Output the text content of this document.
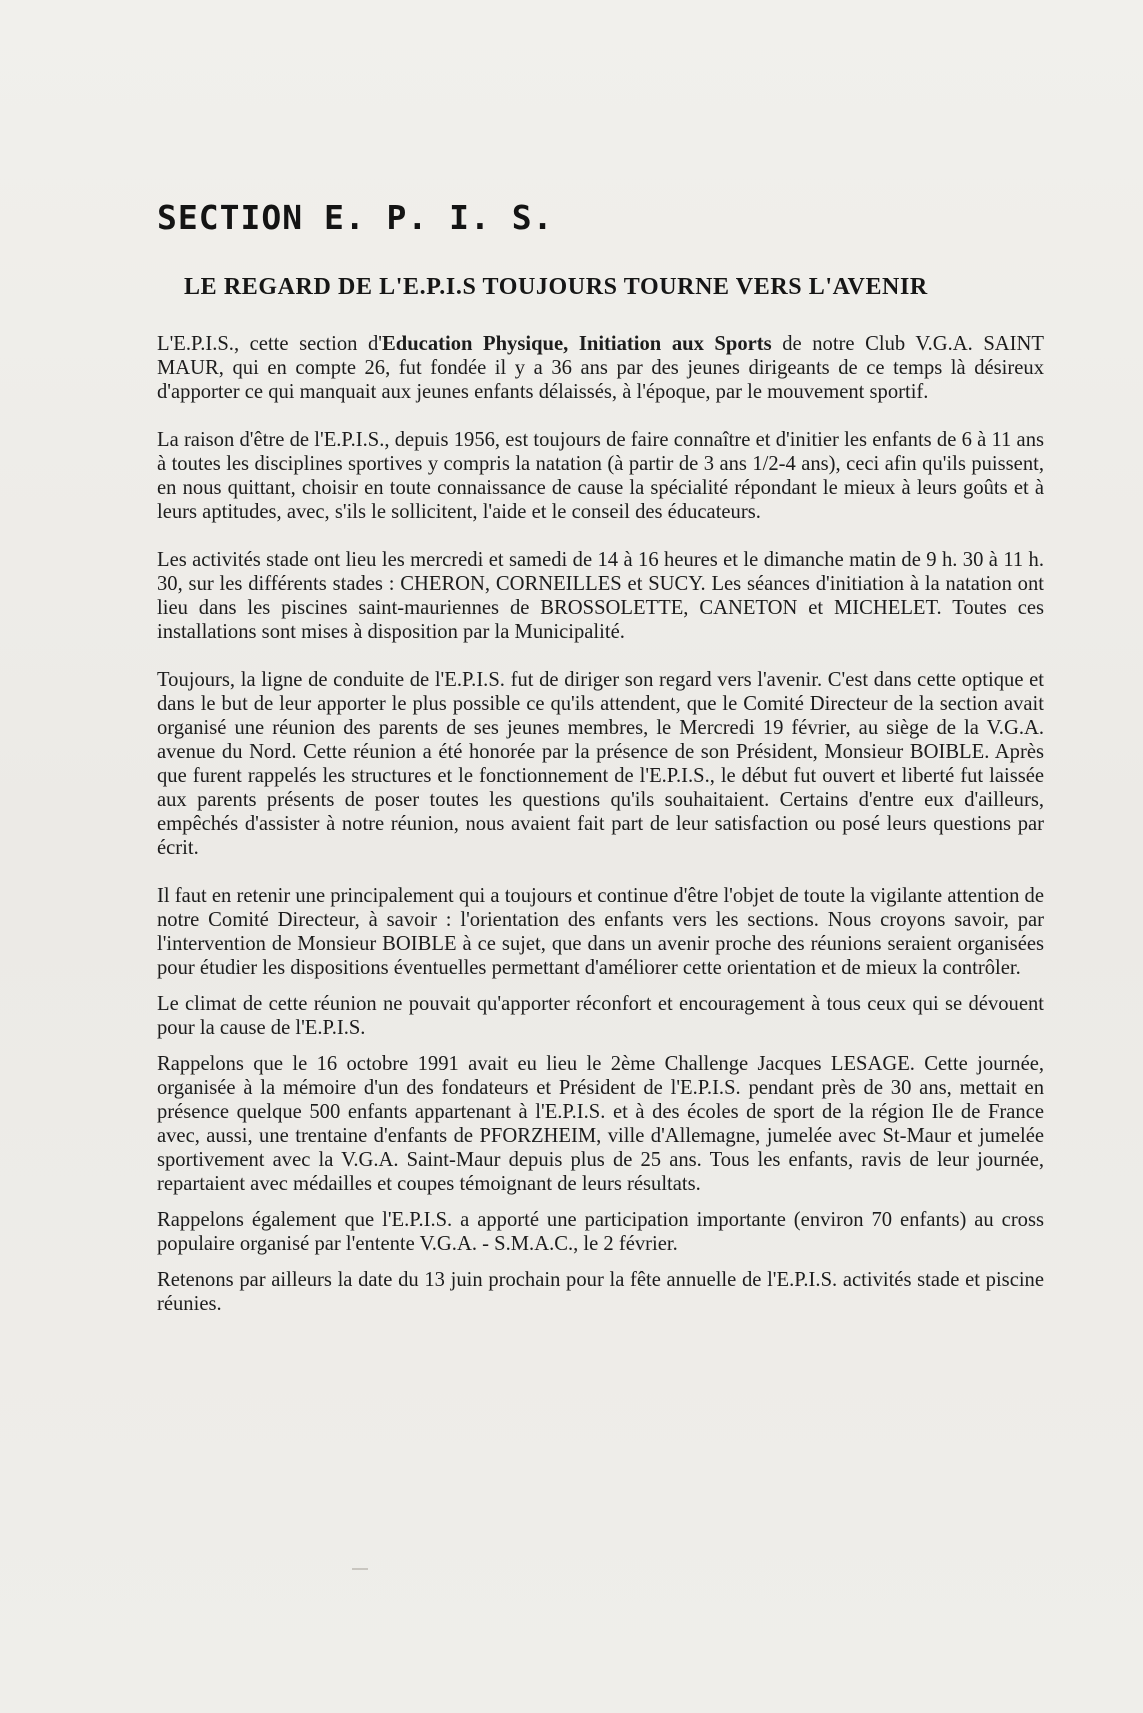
SECTION E. P. I. S.
LE REGARD DE L'E.P.I.S TOUJOURS TOURNE VERS L'AVENIR

L'E.P.I.S., cette section d'Education Physique, Initiation aux Sports de notre Club V.G.A. SAINT MAUR, qui en compte 26, fut fondée il y a 36 ans par des jeunes dirigeants de ce temps là désireux d'apporter ce qui manquait aux jeunes enfants délaissés, à l'époque, par le mouvement sportif.

La raison d'être de l'E.P.I.S., depuis 1956, est toujours de faire connaître et d'initier les enfants de 6 à 11 ans à toutes les disciplines sportives y compris la natation (à partir de 3 ans 1/2-4 ans), ceci afin qu'ils puissent, en nous quittant, choisir en toute connaissance de cause la spécialité répondant le mieux à leurs goûts et à leurs aptitudes, avec, s'ils le sollicitent, l'aide et le conseil des éducateurs.

Les activités stade ont lieu les mercredi et samedi de 14 à 16 heures et le dimanche matin de 9 h. 30 à 11 h. 30, sur les différents stades : CHERON, CORNEILLES et SUCY. Les séances d'initiation à la natation ont lieu dans les piscines saint-mauriennes de BROSSOLETTE, CANETON et MICHELET. Toutes ces installations sont mises à disposition par la Municipalité.

Toujours, la ligne de conduite de l'E.P.I.S. fut de diriger son regard vers l'avenir. C'est dans cette optique et dans le but de leur apporter le plus possible ce qu'ils attendent, que le Comité Directeur de la section avait organisé une réunion des parents de ses jeunes membres, le Mercredi 19 février, au siège de la V.G.A. avenue du Nord. Cette réunion a été honorée par la présence de son Président, Monsieur BOIBLE. Après que furent rappelés les structures et le fonctionnement de l'E.P.I.S., le début fut ouvert et liberté fut laissée aux parents présents de poser toutes les questions qu'ils souhaitaient. Certains d'entre eux d'ailleurs, empêchés d'assister à notre réunion, nous avaient fait part de leur satisfaction ou posé leurs questions par écrit.

Il faut en retenir une principalement qui a toujours et continue d'être l'objet de toute la vigilante attention de notre Comité Directeur, à savoir : l'orientation des enfants vers les sections. Nous croyons savoir, par l'intervention de Monsieur BOIBLE à ce sujet, que dans un avenir proche des réunions seraient organisées pour étudier les dispositions éventuelles permettant d'améliorer cette orientation et de mieux la contrôler.

Le climat de cette réunion ne pouvait qu'apporter réconfort et encouragement à tous ceux qui se dévouent pour la cause de l'E.P.I.S.

Rappelons que le 16 octobre 1991 avait eu lieu le 2ème Challenge Jacques LESAGE. Cette journée, organisée à la mémoire d'un des fondateurs et Président de l'E.P.I.S. pendant près de 30 ans, mettait en présence quelque 500 enfants appartenant à l'E.P.I.S. et à des écoles de sport de la région Ile de France avec, aussi, une trentaine d'enfants de PFORZHEIM, ville d'Allemagne, jumelée avec St-Maur et jumelée sportivement avec la V.G.A. Saint-Maur depuis plus de 25 ans. Tous les enfants, ravis de leur journée, repartaient avec médailles et coupes témoignant de leurs résultats.

Rappelons également que l'E.P.I.S. a apporté une participation importante (environ 70 enfants) au cross populaire organisé par l'entente V.G.A. - S.M.A.C., le 2 février.

Retenons par ailleurs la date du 13 juin prochain pour la fête annuelle de l'E.P.I.S. activités stade et piscine réunies.
